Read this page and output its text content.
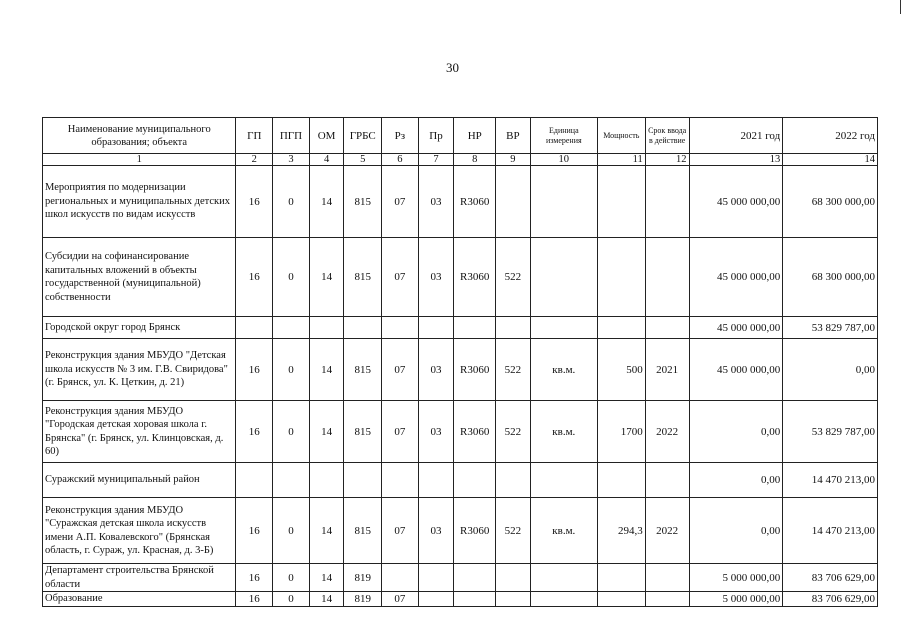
30
Наименование муниципального образования; объекта	ГП	ПГП	ОМ	ГРБС	Рз	Пр	НР	ВР	Единица измерения	Мощность	Срок ввода в действие	2021 год	2022 год
1	2	3	4	5	6	7	8	9	10	11	12	13	14
Мероприятия по модернизации региональных и муниципальных детских школ искусств по видам искусств	16	0	14	815	07	03	R3060					45 000 000,00	68 300 000,00
Субсидии на софинансирование капитальных вложений в объекты государственной (муниципальной) собственности	16	0	14	815	07	03	R3060	522				45 000 000,00	68 300 000,00
Городской округ город Брянск												45 000 000,00	53 829 787,00
Реконструкция здания МБУДО "Детская школа искусств № 3 им. Г.В. Свиридова" (г. Брянск, ул. К. Цеткин, д. 21)	16	0	14	815	07	03	R3060	522	кв.м.	500	2021	45 000 000,00	0,00
Реконструкция здания МБУДО "Городская детская хоровая школа г. Брянска" (г. Брянск, ул. Клинцовская, д. 60)	16	0	14	815	07	03	R3060	522	кв.м.	1700	2022	0,00	53 829 787,00
Суражский муниципальный район												0,00	14 470 213,00
Реконструкция здания МБУДО "Суражская детская школа искусств имени А.П. Ковалевского" (Брянская область, г. Сураж, ул. Красная, д. 3-Б)	16	0	14	815	07	03	R3060	522	кв.м.	294,3	2022	0,00	14 470 213,00
Департамент строительства Брянской области	16	0	14	819								5 000 000,00	83 706 629,00
Образование	16	0	14	819	07							5 000 000,00	83 706 629,00
